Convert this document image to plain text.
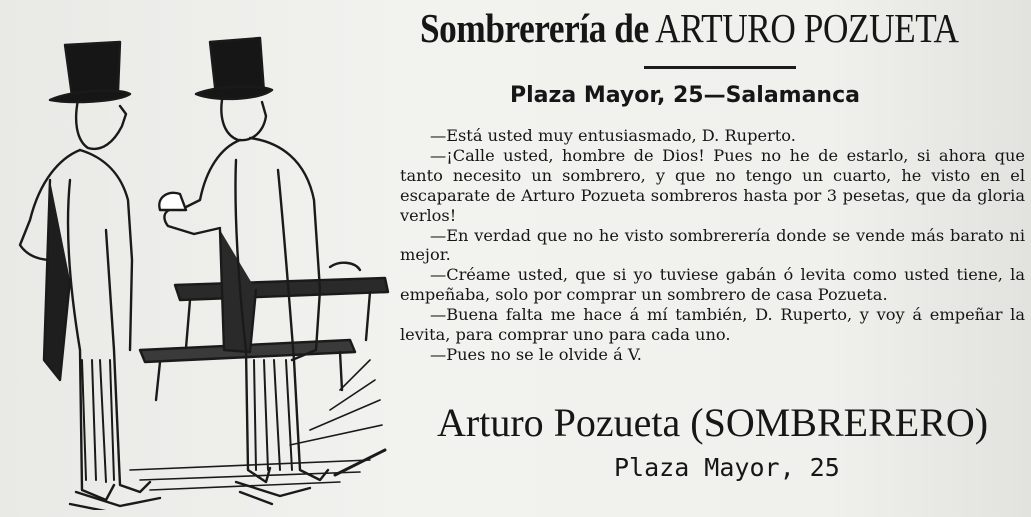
Sombrerería de ARTURO POZUETA
Plaza Mayor, 25—Salamanca

—Está usted muy entusiasmado, D. Ruperto.

—¡Calle usted, hombre de Dios! Pues no he de estarlo, si ahora que tanto necesito un sombrero, y que no tengo un cuarto, he visto en el escaparate de Arturo Pozueta sombreros hasta por 3 pesetas, que da gloria verlos!

—En verdad que no he visto sombrerería donde se vende más barato ni mejor.

—Créame usted, que si yo tuviese gabán ó levita como usted tiene, la empeñaba, solo por comprar un sombrero de casa Pozueta.

—Buena falta me hace á mí también, D. Ruperto, y voy á empeñar la levita, para comprar uno para cada uno.

—Pues no se le olvide á V.

Arturo Pozueta (SOMBRERERO)
Plaza Mayor, 25
